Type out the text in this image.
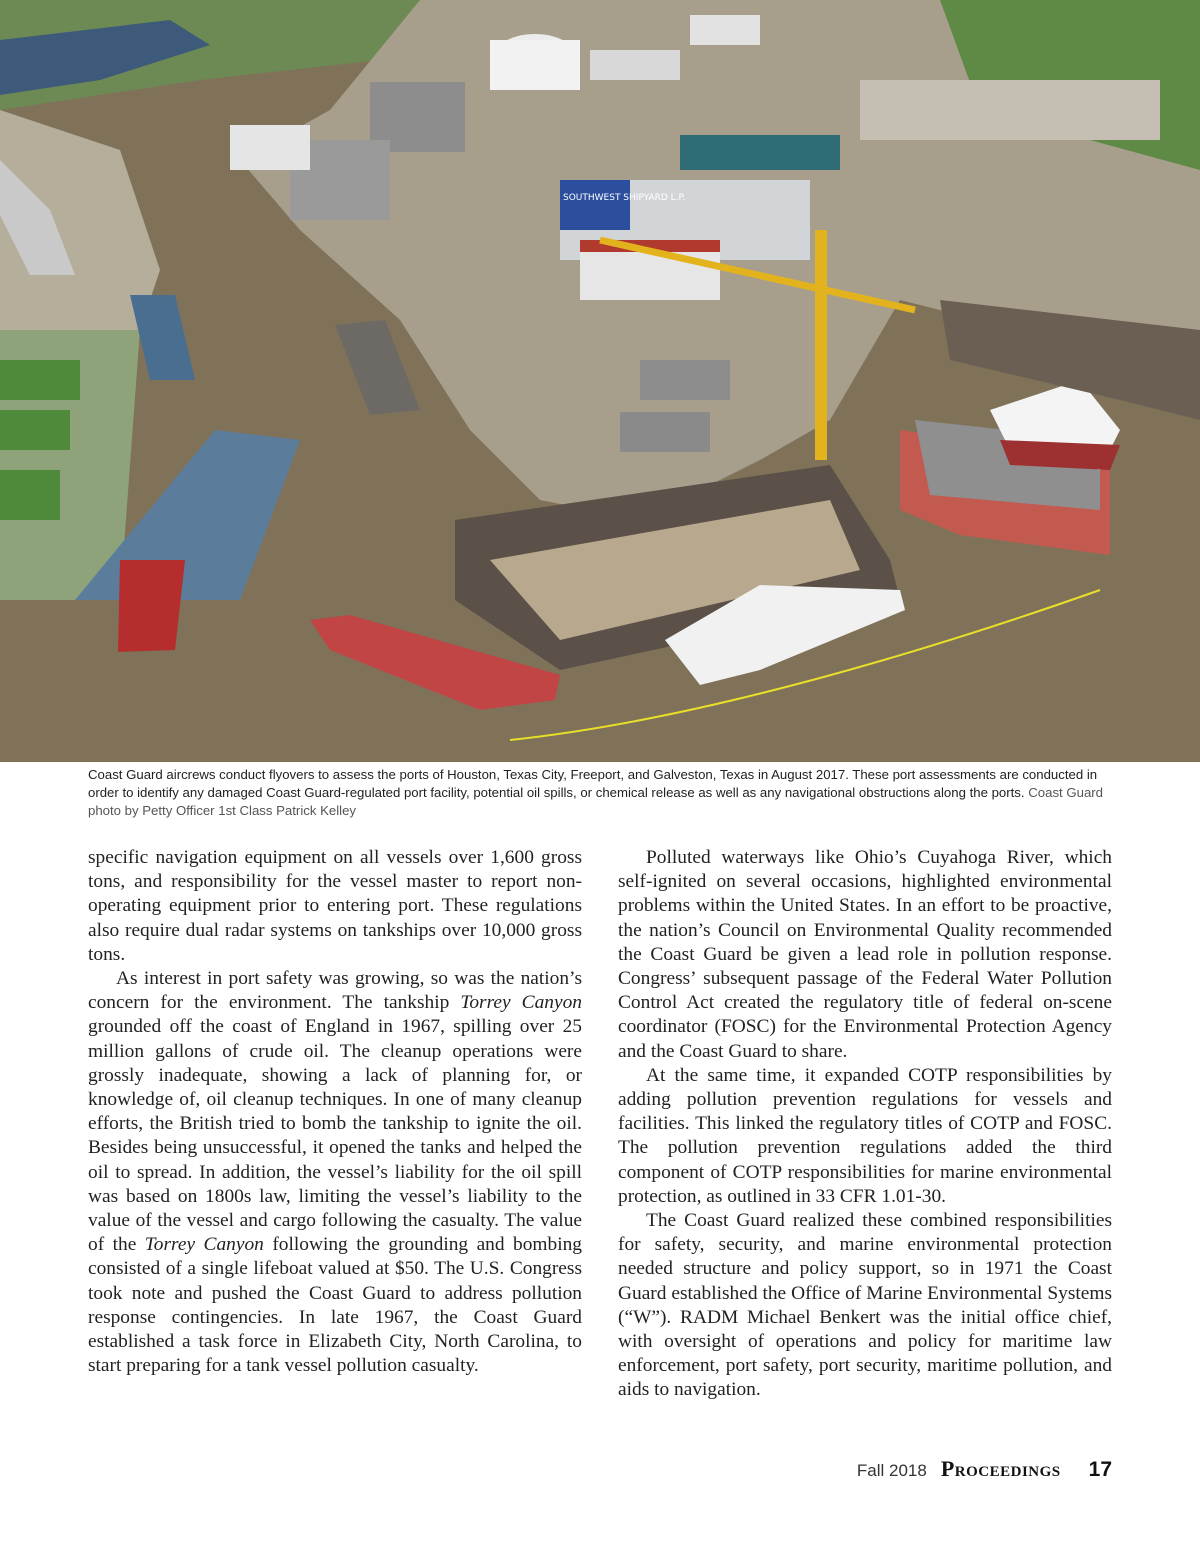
SOUTHWEST SHIPYARD L.P.
Coast Guard aircrews conduct flyovers to assess the ports of Houston, Texas City, Freeport, and Galveston, Texas in August 2017. These port assessments are conducted in order to identify any damaged Coast Guard-regulated port facility, potential oil spills, or chemical release as well as any navigational obstructions along the ports. Coast Guard photo by Petty Officer 1st Class Patrick Kelley

specific navigation equipment on all vessels over 1,600 gross tons, and responsibility for the vessel master to report non-operating equipment prior to entering port. These regulations also require dual radar systems on tankships over 10,000 gross tons.

As interest in port safety was growing, so was the nation’s concern for the environment. The tankship Torrey Canyon grounded off the coast of England in 1967, spilling over 25 million gallons of crude oil. The cleanup operations were grossly inadequate, showing a lack of planning for, or knowledge of, oil cleanup techniques. In one of many cleanup efforts, the British tried to bomb the tankship to ignite the oil. Besides being unsuccessful, it opened the tanks and helped the oil to spread. In addition, the vessel’s liability for the oil spill was based on 1800s law, limiting the vessel’s liability to the value of the vessel and cargo following the casualty. The value of the Torrey Canyon following the grounding and bombing consisted of a single lifeboat valued at $50. The U.S. Congress took note and pushed the Coast Guard to address pollution response contingencies. In late 1967, the Coast Guard established a task force in Elizabeth City, North Carolina, to start preparing for a tank vessel pollution casualty.

Polluted waterways like Ohio’s Cuyahoga River, which self-ignited on several occasions, highlighted environmental problems within the United States. In an effort to be proactive, the nation’s Council on Environmental Quality recommended the Coast Guard be given a lead role in pollution response. Congress’ subsequent passage of the Federal Water Pollution Control Act created the regulatory title of federal on-scene coordinator (FOSC) for the Environmental Protection Agency and the Coast Guard to share.

At the same time, it expanded COTP responsibilities by adding pollution prevention regulations for vessels and facilities. This linked the regulatory titles of COTP and FOSC. The pollution prevention regulations added the third component of COTP responsibilities for marine environmental protection, as outlined in 33 CFR 1.01-30.

The Coast Guard realized these combined responsibilities for safety, security, and marine environmental protection needed structure and policy support, so in 1971 the Coast Guard established the Office of Marine Environmental Systems (“W”). RADM Michael Benkert was the initial office chief, with oversight of operations and policy for maritime law enforcement, port safety, port security, maritime pollution, and aids to navigation.

Fall 2018 Proceedings 17
